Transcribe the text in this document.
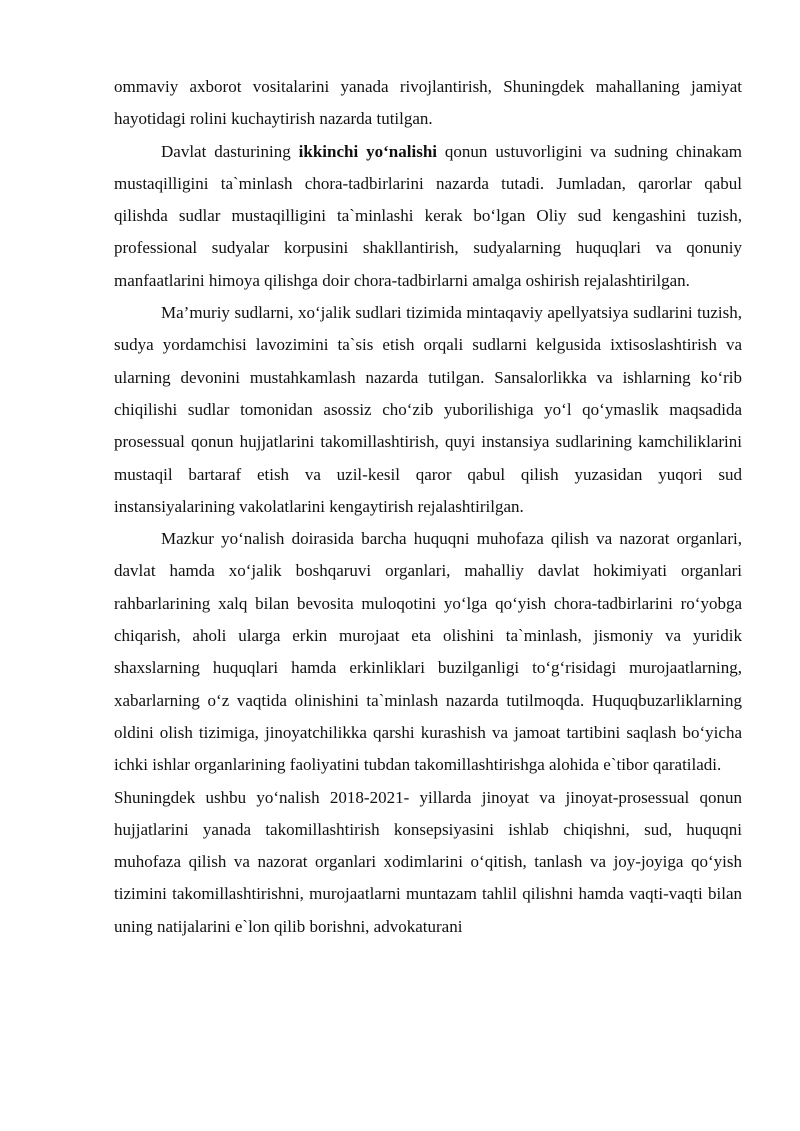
ommaviy axborot vositalarini yanada rivojlantirish, Shuningdek mahallaning jamiyat hayotidagi rolini kuchaytirish nazarda tutilgan.

Davlat dasturining ikkinchi yo‘nalishi qonun ustuvorligini va sudning chinakam mustaqilligini ta`minlash chora-tadbirlarini nazarda tutadi. Jumladan, qarorlar qabul qilishda sudlar mustaqilligini ta`minlashi kerak bo‘lgan Oliy sud kengashini tuzish, professional sudyalar korpusini shakllantirish, sudyalarning huquqlari va qonuniy manfaatlarini himoya qilishga doir chora-tadbirlarni amalga oshirish rejalashtirilgan.

Ma’muriy sudlarni, xo‘jalik sudlari tizimida mintaqaviy apellyatsiya sudlarini tuzish, sudya yordamchisi lavozimini ta`sis etish orqali sudlarni kelgusida ixtisoslashtirish va ularning devonini mustahkamlash nazarda tutilgan. Sansalorlikka va ishlarning ko‘rib chiqilishi sudlar tomonidan asossiz cho‘zib yuborilishiga yo‘l qo‘ymaslik maqsadida prosessual qonun hujjatlarini takomillashtirish, quyi instansiya sudlarining kamchiliklarini mustaqil bartaraf etish va uzil-kesil qaror qabul qilish yuzasidan yuqori sud instansiyalarining vakolatlarini kengaytirish rejalashtirilgan.

Mazkur yo‘nalish doirasida barcha huquqni muhofaza qilish va nazorat organlari, davlat hamda xo‘jalik boshqaruvi organlari, mahalliy davlat hokimiyati organlari rahbarlarining xalq bilan bevosita muloqotini yo‘lga qo‘yish chora-tadbirlarini ro‘yobga chiqarish, aholi ularga erkin murojaat eta olishini ta`minlash, jismoniy va yuridik shaxslarning huquqlari hamda erkinliklari buzilganligi to‘g‘risidagi murojaatlarning, xabarlarning o‘z vaqtida olinishini ta`minlash nazarda tutilmoqda. Huquqbuzarliklarning oldini olish tizimiga, jinoyatchilikka qarshi kurashish va jamoat tartibini saqlash bo‘yicha ichki ishlar organlarining faoliyatini tubdan takomillashtirishga alohida e`tibor qaratiladi.

Shuningdek ushbu yo‘nalish 2018-2021- yillarda jinoyat va jinoyat-prosessual qonun hujjatlarini yanada takomillashtirish konsepsiyasini ishlab chiqishni, sud, huquqni muhofaza qilish va nazorat organlari xodimlarini o‘qitish, tanlash va joy-joyiga qo‘yish tizimini takomillashtirishni, murojaatlarni muntazam tahlil qilishni hamda vaqti-vaqti bilan uning natijalarini e`lon qilib borishni, advokaturani
